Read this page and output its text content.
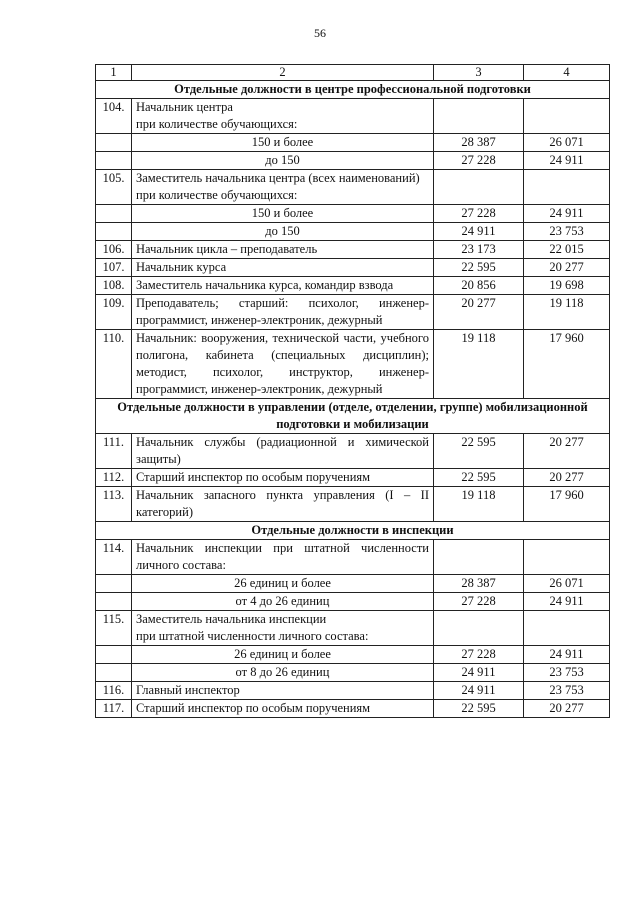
56
1	2	3	4
Отдельные должности в центре профессиональной подготовки			
104.	Начальник центра
при количестве обучающихся:		

	150 и более	28 387	26 071
	до 150	27 228	24 911
105.	Заместитель начальника центра (всех наименований)
при количестве обучающихся:		

	150 и более	27 228	24 911
	до 150	24 911	23 753
106.	Начальник цикла – преподаватель	23 173	22 015
107.	Начальник курса	22 595	20 277
108.	Заместитель начальника курса, командир взвода	20 856	19 698
109.	Преподаватель; старший: психолог, инженер-программист, инженер-электроник, дежурный	20 277	19 118
110.	Начальник: вооружения, технической части, учебного полигона, кабинета (специальных дисциплин); методист, психолог, инструктор, инженер-программист, инженер-электроник, дежурный	19 118	17 960
Отдельные должности в управлении (отделе, отделении, группе) мобилизационной подготовки и мобилизации			
111.	Начальник службы (радиационной и химической защиты)	22 595	20 277
112.	Старший инспектор по особым поручениям	22 595	20 277
113.	Начальник запасного пункта управления (I – II категорий)	19 118	17 960
Отдельные должности в инспекции			
114.	Начальник инспекции при штатной численности личного состава:		

	26 единиц и более	28 387	26 071
	от 4 до 26 единиц	27 228	24 911
115.	Заместитель начальника инспекции
при штатной численности личного состава:		

	26 единиц и более	27 228	24 911
	от 8 до 26 единиц	24 911	23 753
116.	Главный инспектор	24 911	23 753
117.	Старший инспектор по особым поручениям	22 595	20 277
